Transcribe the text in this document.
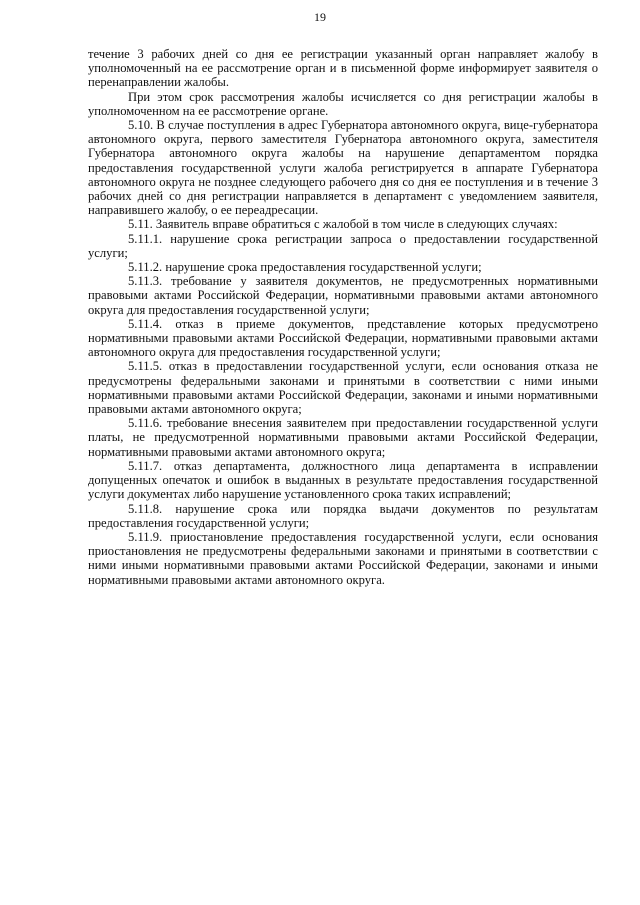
19

течение 3 рабочих дней со дня ее регистрации указанный орган направляет жалобу в уполномоченный на ее рассмотрение орган и в письменной форме информирует заявителя о перенаправлении жалобы.

При этом срок рассмотрения жалобы исчисляется со дня регистрации жалобы в уполномоченном на ее рассмотрение органе.

5.10. В случае поступления в адрес Губернатора автономного округа, вице-губернатора автономного округа, первого заместителя Губернатора автономного округа, заместителя Губернатора автономного округа жалобы на нарушение департаментом порядка предоставления государственной услуги жалоба регистрируется в аппарате Губернатора автономного округа не позднее следующего рабочего дня со дня ее поступления и в течение 3 рабочих дней со дня регистрации направляется в департамент с уведомлением заявителя, направившего жалобу, о ее переадресации.

5.11. Заявитель вправе обратиться с жалобой в том числе в следующих случаях:

5.11.1. нарушение срока регистрации запроса о предоставлении государственной услуги;

5.11.2. нарушение срока предоставления государственной услуги;

5.11.3. требование у заявителя документов, не предусмотренных нормативными правовыми актами Российской Федерации, нормативными правовыми актами автономного округа для предоставления государственной услуги;

5.11.4. отказ в приеме документов, представление которых предусмотрено нормативными правовыми актами Российской Федерации, нормативными правовыми актами автономного округа для предоставления государственной услуги;

5.11.5. отказ в предоставлении государственной услуги, если основания отказа не предусмотрены федеральными законами и принятыми в соответствии с ними иными нормативными правовыми актами Российской Федерации, законами и иными нормативными правовыми актами автономного округа;

5.11.6. требование внесения заявителем при предоставлении государственной услуги платы, не предусмотренной нормативными правовыми актами Российской Федерации, нормативными правовыми актами автономного округа;

5.11.7. отказ департамента, должностного лица департамента в исправлении допущенных опечаток и ошибок в выданных в результате предоставления государственной услуги документах либо нарушение установленного срока таких исправлений;

5.11.8. нарушение срока или порядка выдачи документов по результатам предоставления государственной услуги;

5.11.9. приостановление предоставления государственной услуги, если основания приостановления не предусмотрены федеральными законами и принятыми в соответствии с ними иными нормативными правовыми актами Российской Федерации, законами и иными нормативными правовыми актами автономного округа.
